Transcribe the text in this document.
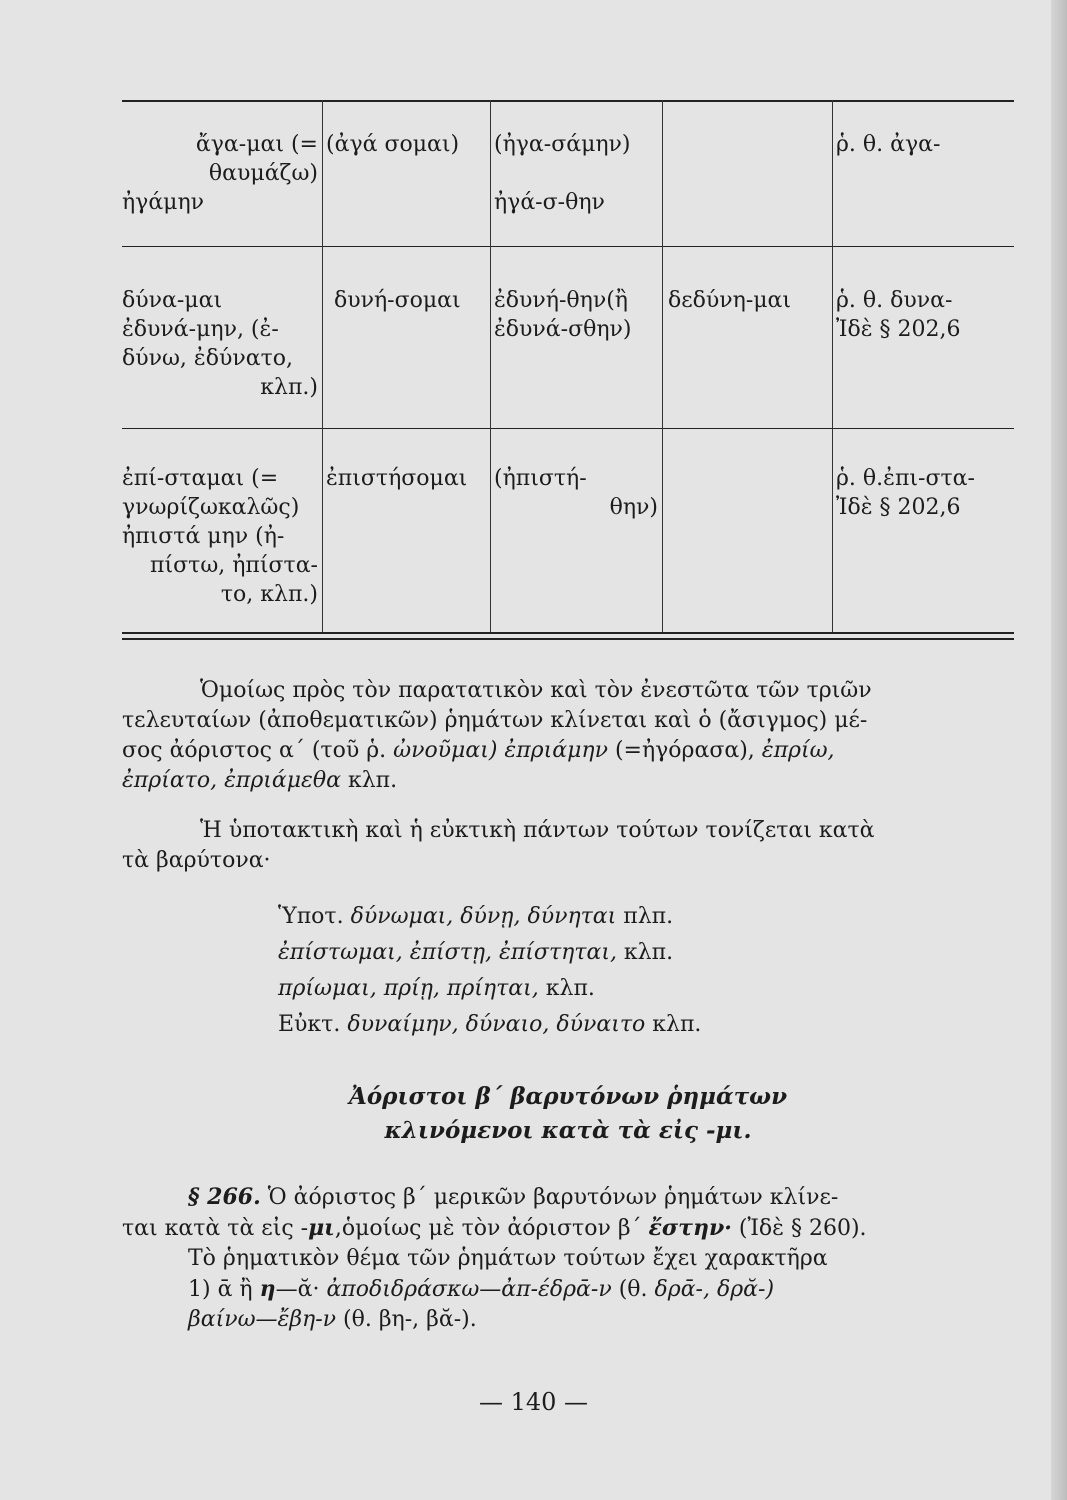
ἄγα-μαι (=
θαυμάζω)
ἠγάμην
(ἀγά σομαι) (ἠγα-σάμην)
ἠγά-σ-θην
ῥ. θ. ἀγα-
δύνα-μαι
ἐδυνά-μην, (ἐ-
δύνω, ἐδύνατο,
κλπ.)
δυνή-σομαι ἐδυνή-θην(ἢ
ἐδυνά-σθην)
δεδύνη-μαι ῥ. θ. δυνα-
Ἰδὲ § 202,6
ἐπί-σταμαι (=
γνωρίζωκαλῶς)
ἠπιστά μην (ἠ-
πίστω, ἠπίστα-
το, κλπ.)
ἐπιστήσομαι (ἠπιστή-
θην)
ῥ. θ.ἐπι-στα-
Ἰδὲ § 202,6
Ὁμοίως πρὸς τὸν παρατατικὸν καὶ τὸν ἐνεστῶτα τῶν τριῶν
τελευταίων (ἀποθεματικῶν) ῥημάτων κλίνεται καὶ ὁ (ἄσιγμος) μέ-
σος ἀόριστος α΄ (τοῦ ῥ. ὠνοῦμαι) ἐπριάμην (=ἠγόρασα), ἐπρίω,
ἐπρίατο, ἐπριάμεθα κλπ.
Ἡ ὑποτακτικὴ καὶ ἡ εὐκτικὴ πάντων τούτων τονίζεται κατὰ
τὰ βαρύτονα·
Ὑποτ. δύνωμαι, δύνῃ, δύνηται πλπ.
ἐπίστωμαι, ἐπίστῃ, ἐπίστηται, κλπ.
πρίωμαι, πρίῃ, πρίηται, κλπ.
Εὐκτ. δυναίμην, δύναιο, δύναιτο κλπ.
Ἀόριστοι β΄ βαρυτόνων ῥημάτων
κλινόμενοι κατὰ τὰ εἰς -μι.
§ 266. Ὁ ἀόριστος β΄ μερικῶν βαρυτόνων ῥημάτων κλίνε-
ται κατὰ τὰ εἰς -μι,ὁμοίως μὲ τὸν ἀόριστον β΄ ἔστην· (Ἰδὲ § 260).
Τὸ ῥηματικὸν θέμα τῶν ῥημάτων τούτων ἔχει χαρακτῆρα
1) ᾱ ἢ η—ᾰ· ἀποδιδράσκω—ἀπ-έδρᾱ-ν (θ. δρᾱ-, δρᾰ-)
βαίνω—ἔβη-ν (θ. βη-, βᾰ-).
— 140 —
